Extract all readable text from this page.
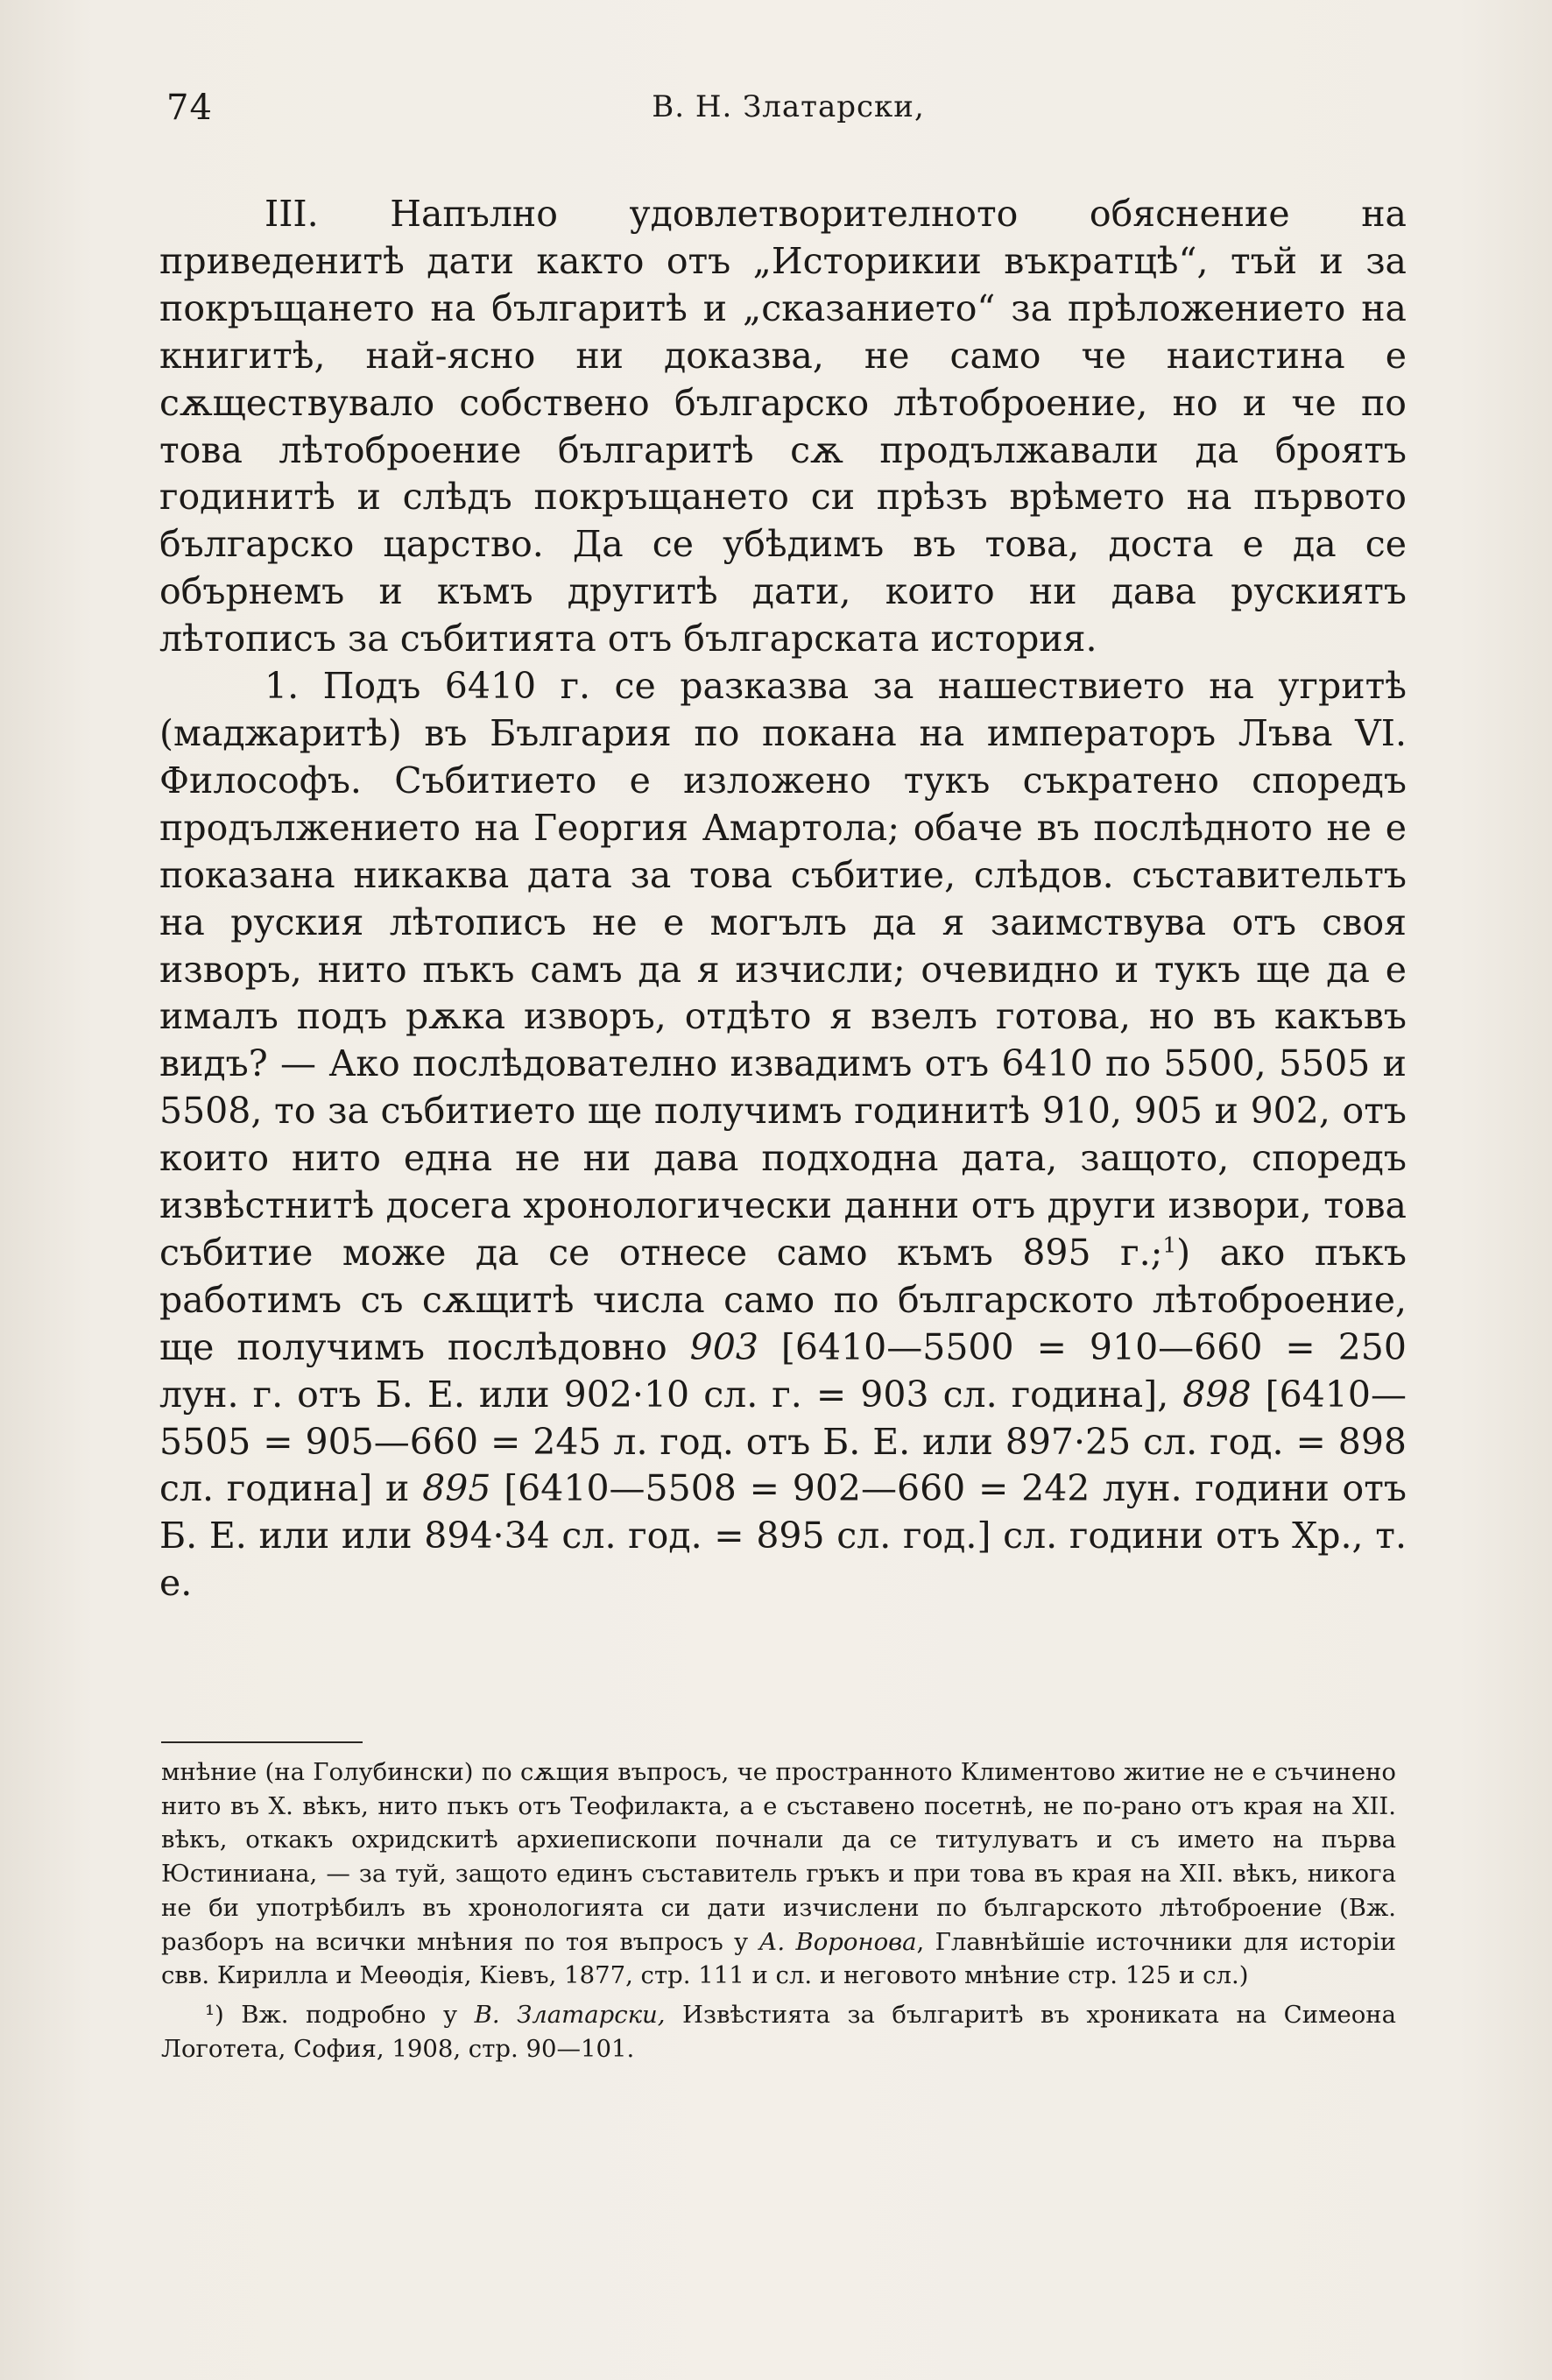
74	В. Н. Златарски,

III. Напълно удовлетворителното обяснение на приведенитѣ дати както отъ „Историкии въкратцѣ“, тъй и за покръщането на българитѣ и „сказанието“ за прѣложението на книгитѣ, най-ясно ни доказва, не само че наистина е сѫществувало собствено българско лѣтоброение, но и че по това лѣтоброение българитѣ сѫ продължавали да броятъ годинитѣ и слѣдъ покръщането си прѣзъ врѣмето на първото българско царство. Да се убѣдимъ въ това, доста е да се обърнемъ и къмъ другитѣ дати, които ни дава рускиятъ лѣтописъ за събитията отъ българската история.

1. Подъ 6410 г. се разказва за нашествието на угритѣ (маджаритѣ) въ България по покана на императоръ Лъва VI. Философъ. Събитието е изложено тукъ съкратено споредъ продължението на Георгия Амартола; обаче въ послѣдното не е показана никаква дата за това събитие, слѣдов. съставительтъ на руския лѣтописъ не е могълъ да я заимствува отъ своя изворъ, нито пъкъ самъ да я изчисли; очевидно и тукъ ще да е ималъ подъ рѫка изворъ, отдѣто я взелъ готова, но въ какъвъ видъ? — Ако послѣдователно извадимъ отъ 6410 по 5500, 5505 и 5508, то за събитието ще получимъ годинитѣ 910, 905 и 902, отъ които нито една не ни дава подходна дата, защото, споредъ извѣстнитѣ досега хронологически данни отъ други извори, това събитие може да се отнесе само къмъ 895 г.;$^1$) ако пъкъ работимъ съ сѫщитѣ числа само по българското лѣтоброение, ще получимъ послѣдовно 903 [6410—5500 = 910—660 = 250 лун. г. отъ Б. Е. или 902·10 сл. г. = 903 сл. година], 898 [6410—5505 = 905—660 = 245 л. год. отъ Б. Е. или 897·25 сл. год. = 898 сл. година] и 895 [6410—5508 = 902—660 = 242 лун. години отъ Б. Е. или или 894·34 сл. год. = 895 сл. год.] сл. години отъ Хр., т. е.

мнѣние (на Голубински) по сѫщия въпросъ, че пространното Климентово житие не е съчинено нито въ X. вѣкъ, нито пъкъ отъ Теофилакта, а е съставено посетнѣ, не по-рано отъ края на XII. вѣкъ, откакъ охридскитѣ архиепископи почнали да се титулуватъ и съ името на първа Юстиниана, — за туй, защото единъ съставитель гръкъ и при това въ края на XII. вѣкъ, никога не би употрѣбилъ въ хронологията си дати изчислени по българското лѣтоброение (Вж. разборъ на всички мнѣния по тоя въпросъ у А. Воронова, Главнѣйшіе источники для исторіи свв. Кирилла и Меѳодія, Кіевъ, 1877, стр. 111 и сл. и неговото мнѣние стр. 125 и сл.)

¹) Вж. подробно у В. Златарски, Извѣстията за българитѣ въ хрониката на Симеона Логотета, София, 1908, стр. 90—101.
